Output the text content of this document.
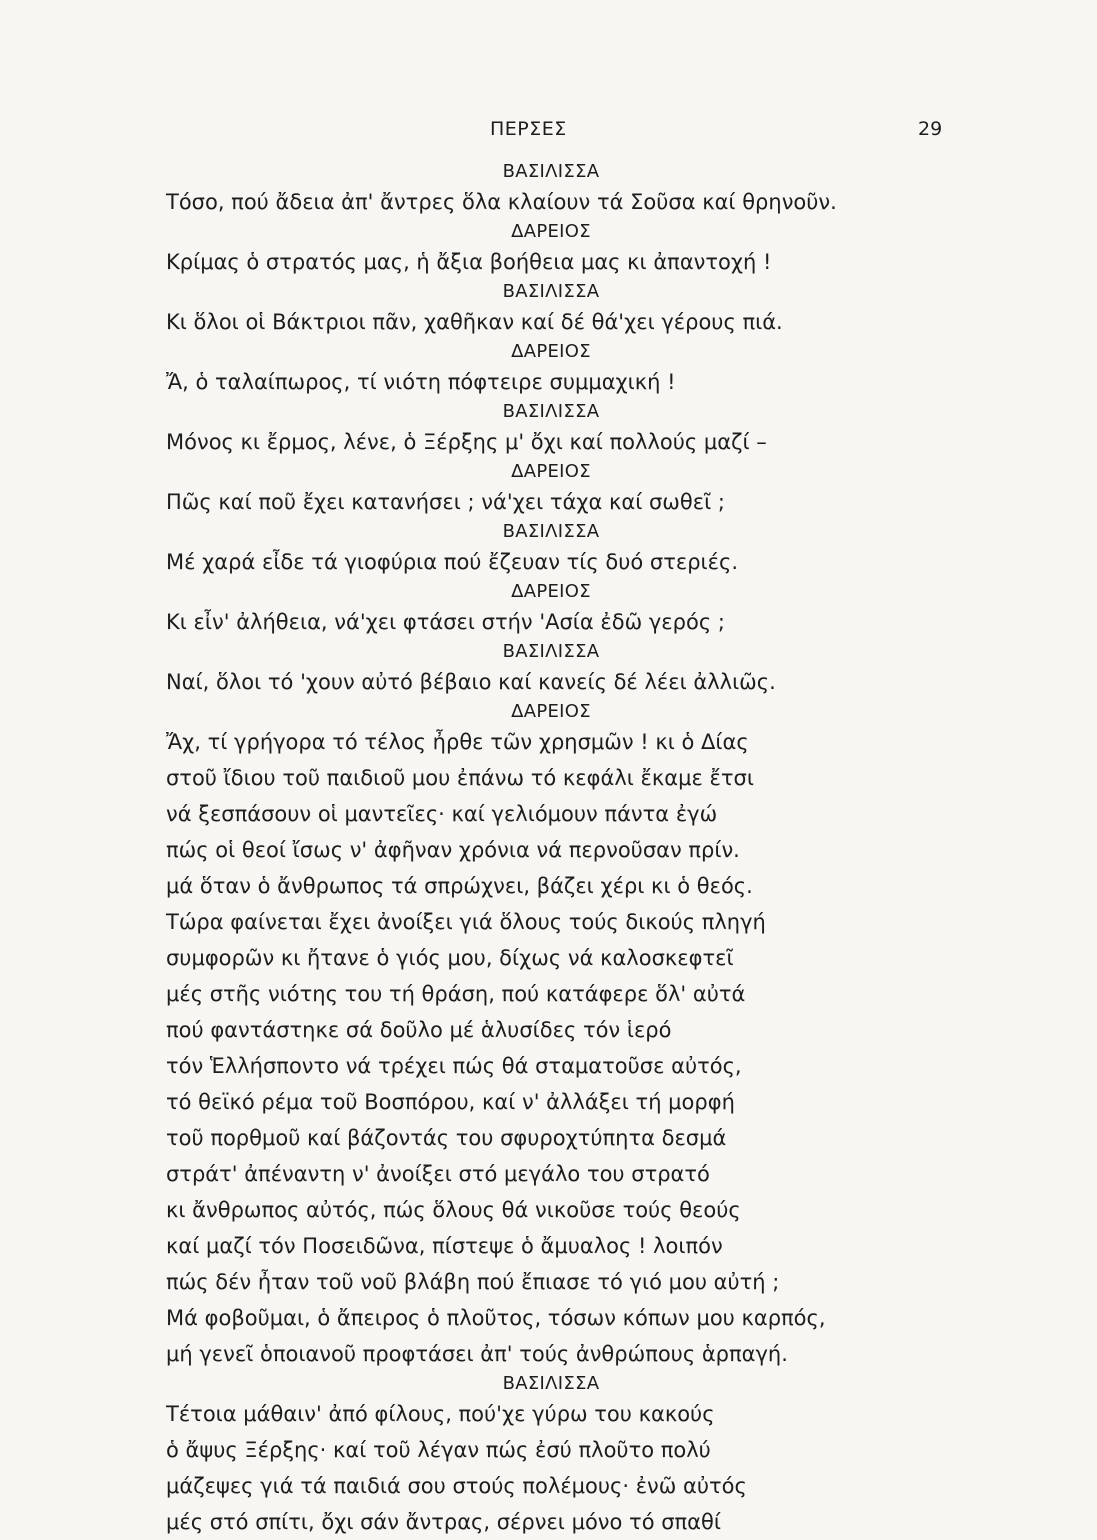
ΠΕΡΣΕΣ	29
ΒΑΣΙΛΙΣΣΑ
Τόσο, πού ἄδεια ἀπ' ἄντρες ὅλα κλαίουν τά Σοῦσα καί θρηνοῦν.
ΔΑΡΕΙΟΣ
Κρίμας ὁ στρατός μας, ἡ ἄξια βοήθεια μας κι ἀπαντοχή !
ΒΑΣΙΛΙΣΣΑ
Κι ὅλοι οἱ Βάκτριοι πᾶν, χαθῆκαν καί δέ θά'χει γέρους πιά.
ΔΑΡΕΙΟΣ
Ἄ, ὁ ταλαίπωρος, τί νιότη πόφτειρε συμμαχική !
ΒΑΣΙΛΙΣΣΑ
Μόνος κι ἔρμος, λένε, ὁ Ξέρξης μ' ὄχι καί πολλούς μαζί –
ΔΑΡΕΙΟΣ
Πῶς καί ποῦ ἔχει κατανήσει ; νά'χει τάχα καί σωθεῖ ;
ΒΑΣΙΛΙΣΣΑ
Μέ χαρά εἶδε τά γιοφύρια πού ἔζευαν τίς δυό στεριές.
ΔΑΡΕΙΟΣ
Κι εἶν' ἀλήθεια, νά'χει φτάσει στήν 'Ασία ἐδῶ γερός ;
ΒΑΣΙΛΙΣΣΑ
Ναί, ὅλοι τό 'χουν αὐτό βέβαιο καί κανείς δέ λέει ἀλλιῶς.
ΔΑΡΕΙΟΣ
Ἄχ, τί γρήγορα τό τέλος ἦρθε τῶν χρησμῶν ! κι ὁ Δίας
στοῦ ἴδιου τοῦ παιδιοῦ μου ἐπάνω τό κεφάλι ἔκαμε ἔτσι
νά ξεσπάσουν οἱ μαντεῖες· καί γελιόμουν πάντα ἐγώ
πώς οἱ θεοί ἴσως ν' ἀφῆναν χρόνια νά περνοῦσαν πρίν.
μά ὅταν ὁ ἄνθρωπος τά σπρώχνει, βάζει χέρι κι ὁ θεός.
Τώρα φαίνεται ἔχει ἀνοίξει γιά ὅλους τούς δικούς πληγή
συμφορῶν κι ἤτανε ὁ γιός μου, δίχως νά καλοσκεφτεῖ
μές στῆς νιότης του τή θράση, πού κατάφερε ὅλ' αὐτά
πού φαντάστηκε σά δοῦλο μέ ἁλυσίδες τόν ἱερό
τόν Ἑλλήσποντο νά τρέχει πώς θά σταματοῦσε αὐτός,
τό θεϊκό ρέμα τοῦ Βοσπόρου, καί ν' ἀλλάξει τή μορφή
τοῦ πορθμοῦ καί βάζοντάς του σφυροχτύπητα δεσμά
στράτ' ἀπέναντη ν' ἀνοίξει στό μεγάλο του στρατό
κι ἄνθρωπος αὐτός, πώς ὅλους θά νικοῦσε τούς θεούς
καί μαζί τόν Ποσειδῶνα, πίστεψε ὁ ἄμυαλος ! λοιπόν
πώς δέν ἦταν τοῦ νοῦ βλάβη πού ἔπιασε τό γιό μου αὐτή ;
Μά φοβοῦμαι, ὁ ἄπειρος ὁ πλοῦτος, τόσων κόπων μου καρπός,
μή γενεῖ ὁποιανοῦ προφτάσει ἀπ' τούς ἀνθρώπους ἁρπαγή.
ΒΑΣΙΛΙΣΣΑ
Τέτοια μάθαιν' ἀπό φίλους, πού'χε γύρω του κακούς
ὁ ἄψυς Ξέρξης· καί τοῦ λέγαν πώς ἐσύ πλοῦτο πολύ
μάζεψες γιά τά παιδιά σου στούς πολέμους· ἐνῶ αὐτός
μές στό σπίτι, ὄχι σάν ἄντρας, σέρνει μόνο τό σπαθί
